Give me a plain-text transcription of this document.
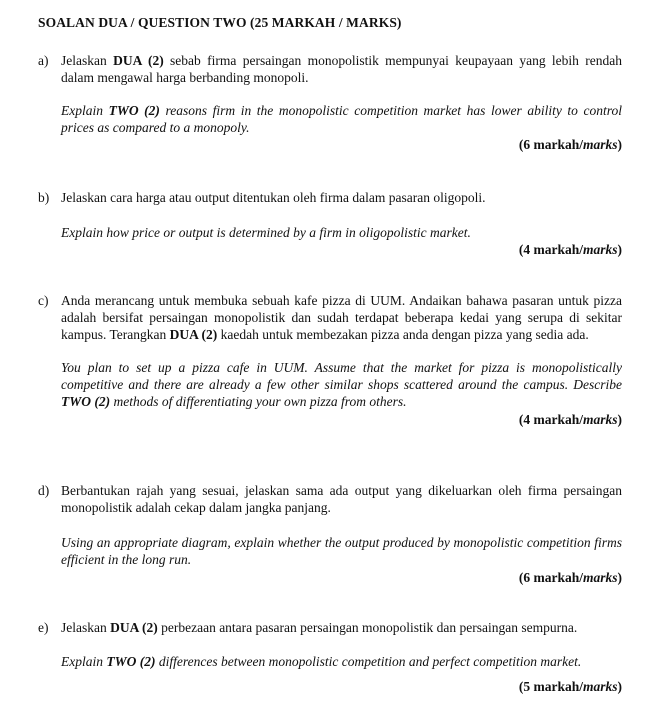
SOALAN DUA / QUESTION TWO (25 MARKAH / MARKS)
a) Jelaskan DUA (2) sebab firma persaingan monopolistik mempunyai keupayaan yang lebih rendah dalam mengawal harga berbanding monopoli.

Explain TWO (2) reasons firm in the monopolistic competition market has lower ability to control prices as compared to a monopoly.

(6 markah/marks)

b) Jelaskan cara harga atau output ditentukan oleh firma dalam pasaran oligopoli.

Explain how price or output is determined by a firm in oligopolistic market.

(4 markah/marks)

c) Anda merancang untuk membuka sebuah kafe pizza di UUM. Andaikan bahawa pasaran untuk pizza adalah bersifat persaingan monopolistik dan sudah terdapat beberapa kedai yang serupa di sekitar kampus. Terangkan DUA (2) kaedah untuk membezakan pizza anda dengan pizza yang sedia ada.

You plan to set up a pizza cafe in UUM. Assume that the market for pizza is monopolistically competitive and there are already a few other similar shops scattered around the campus. Describe TWO (2) methods of differentiating your own pizza from others.

(4 markah/marks)

d) Berbantukan rajah yang sesuai, jelaskan sama ada output yang dikeluarkan oleh firma persaingan monopolistik adalah cekap dalam jangka panjang.

Using an appropriate diagram, explain whether the output produced by monopolistic competition firms efficient in the long run.

(6 markah/marks)

e) Jelaskan DUA (2) perbezaan antara pasaran persaingan monopolistik dan persaingan sempurna.

Explain TWO (2) differences between monopolistic competition and perfect competition market.

(5 markah/marks)
